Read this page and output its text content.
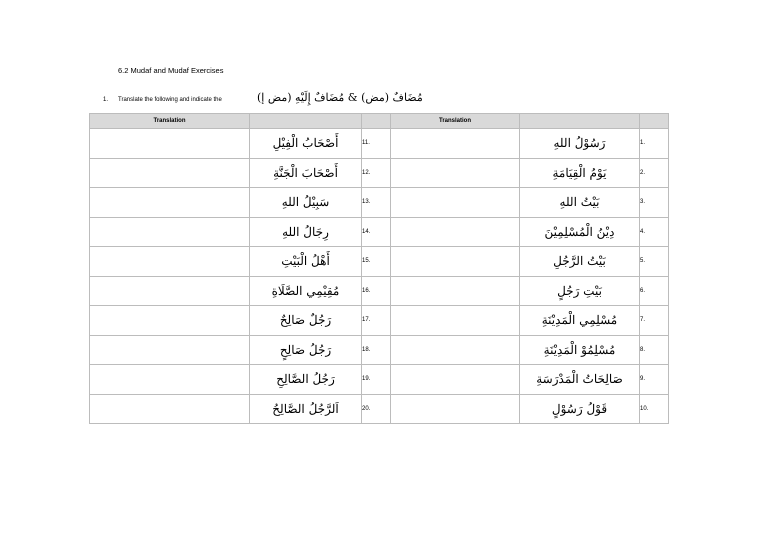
6.2 Mudaf and Mudaf Exercises
1. Translate the following and indicate the	مُضَافٌ (مض) & مُضَافٌ إِلَيْهِ (مض إ)
Translation			Translation		
	أَصْحَابُ الْفِيْلِ	11.		رَسُوْلُ اللهِ	1.
	أَصْحَابَ الْجَنَّةِ	12.		يَوْمُ الْقِيَامَةِ	2.
	سَبِيْلُ اللهِ	13.		بَيْتُ اللهِ	3.
	رِجَالُ اللهِ	14.		دِيْنُ الْمُسْلِمِيْنَ	4.
	أَهْلُ الْبَيْتِ	15.		بَيْتُ الرَّجُلِ	5.
	مُقِيْمِي الصَّلَاةِ	16.		بَيْتِ رَجُلٍ	6.
	رَجُلٌ صَالِحٌ	17.		مُسْلِمِي الْمَدِيْنَةِ	7.
	رَجُلُ صَالِحٍ	18.		مُسْلِمُوْ الْمَدِيْنَةِ	8.
	رَجُلُ الصَّالِحِ	19.		صَالِحَاتُ الْمَدْرَسَةِ	9.
	اَلرَّجُلُ الصَّالِحُ	20.		قَوْلُ رَسُوْلٍ	10.
